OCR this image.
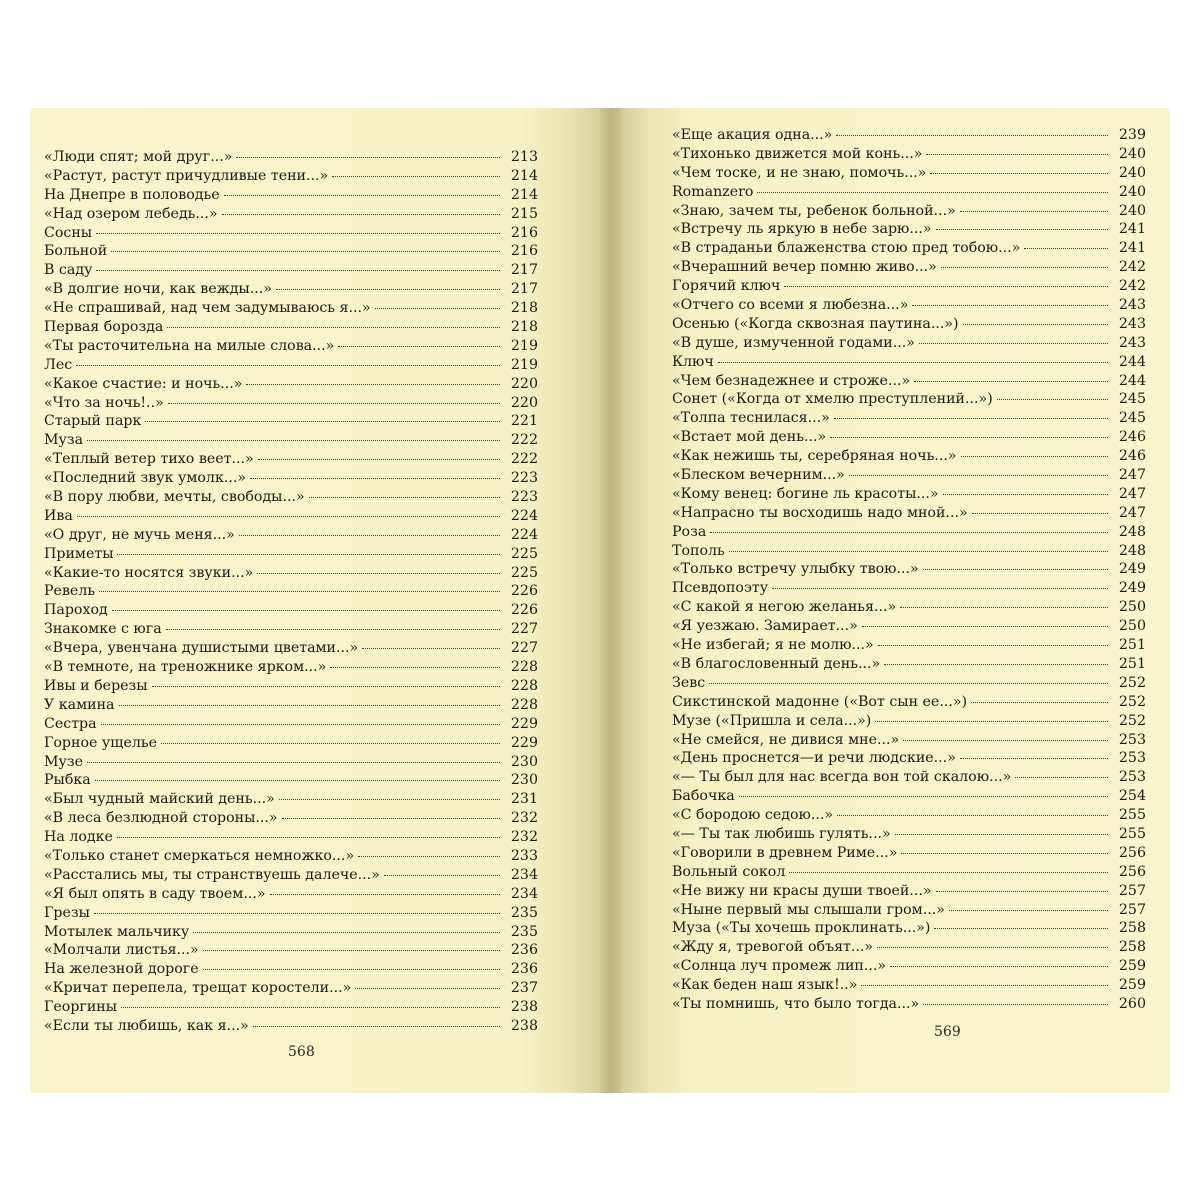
«Люди спят; мой друг...»	213
«Растут, растут причудливые тени...»	214
На Днепре в половодье	214
«Над озером лебедь...»	215
Сосны	216
Больной	216
В саду	217
«В долгие ночи, как вежды...»	217
«Не спрашивай, над чем задумываюсь я...»	218
Первая борозда	218
«Ты расточительна на милые слова...»	219
Лес	219
«Какое счастие: и ночь...»	220
«Что за ночь!..»	220
Старый парк	221
Муза	222
«Теплый ветер тихо веет...»	222
«Последний звук умолк...»	223
«В пору любви, мечты, свободы...»	223
Ива	224
«О друг, не мучь меня...»	224
Приметы	225
«Какие-то носятся звуки...»	225
Ревель	226
Пароход	226
Знакомке с юга	227
«Вчера, увенчана душистыми цветами...»	227
«В темноте, на треножнике ярком...»	228
Ивы и березы	228
У камина	228
Сестра	229
Горное ущелье	229
Музе	230
Рыбка	230
«Был чудный майский день...»	231
«В леса безлюдной стороны...»	232
На лодке	232
«Только станет смеркаться немножко...»	233
«Расстались мы, ты странствуешь далече...»	234
«Я был опять в саду твоем...»	234
Грезы	235
Мотылек мальчику	235
«Молчали листья...»	236
На железной дороге	236
«Кричат перепела, трещат коростели...»	237
Георгины	238
«Если ты любишь, как я...»	238
568
«Еще акация одна...»	239
«Тихонько движется мой конь...»	240
«Чем тоске, и не знаю, помочь...»	240
Romanzero	240
«Знаю, зачем ты, ребенок больной...»	240
«Встречу ль яркую в небе зарю...»	241
«В страданьи блаженства стою пред тобою...»	241
«Вчерашний вечер помню живо...»	242
Горячий ключ	242
«Отчего со всеми я любезна...»	243
Осенью («Когда сквозная паутина...»)	243
«В душе, измученной годами...»	243
Ключ	244
«Чем безнадежнее и строже...»	244
Сонет («Когда от хмелю преступлений...»)	245
«Толпа теснилася...»	245
«Встает мой день...»	246
«Как нежишь ты, серебряная ночь...»	246
«Блеском вечерним...»	247
«Кому венец: богине ль красоты...»	247
«Напрасно ты восходишь надо мной...»	247
Роза	248
Тополь	248
«Только встречу улыбку твою...»	249
Псевдопоэту	249
«С какой я негою желанья...»	250
«Я уезжаю. Замирает...»	250
«Не избегай; я не молю...»	251
«В благословенный день...»	251
Зевс	252
Сикстинской мадонне («Вот сын ее...»)	252
Музе («Пришла и села...»)	252
«Не смейся, не дивися мне...»	253
«День проснется—и речи людские...»	253
«— Ты был для нас всегда вон той скалою...»	253
Бабочка	254
«С бородою седою...»	255
«— Ты так любишь гулять...»	255
«Говорили в древнем Риме...»	256
Вольный сокол	256
«Не вижу ни красы души твоей...»	257
«Ныне первый мы слышали гром...»	257
Муза («Ты хочешь проклинать...»)	258
«Жду я, тревогой объят...»	258
«Солнца луч промеж лип...»	259
«Как беден наш язык!..»	259
«Ты помнишь, что было тогда...»	260
569
